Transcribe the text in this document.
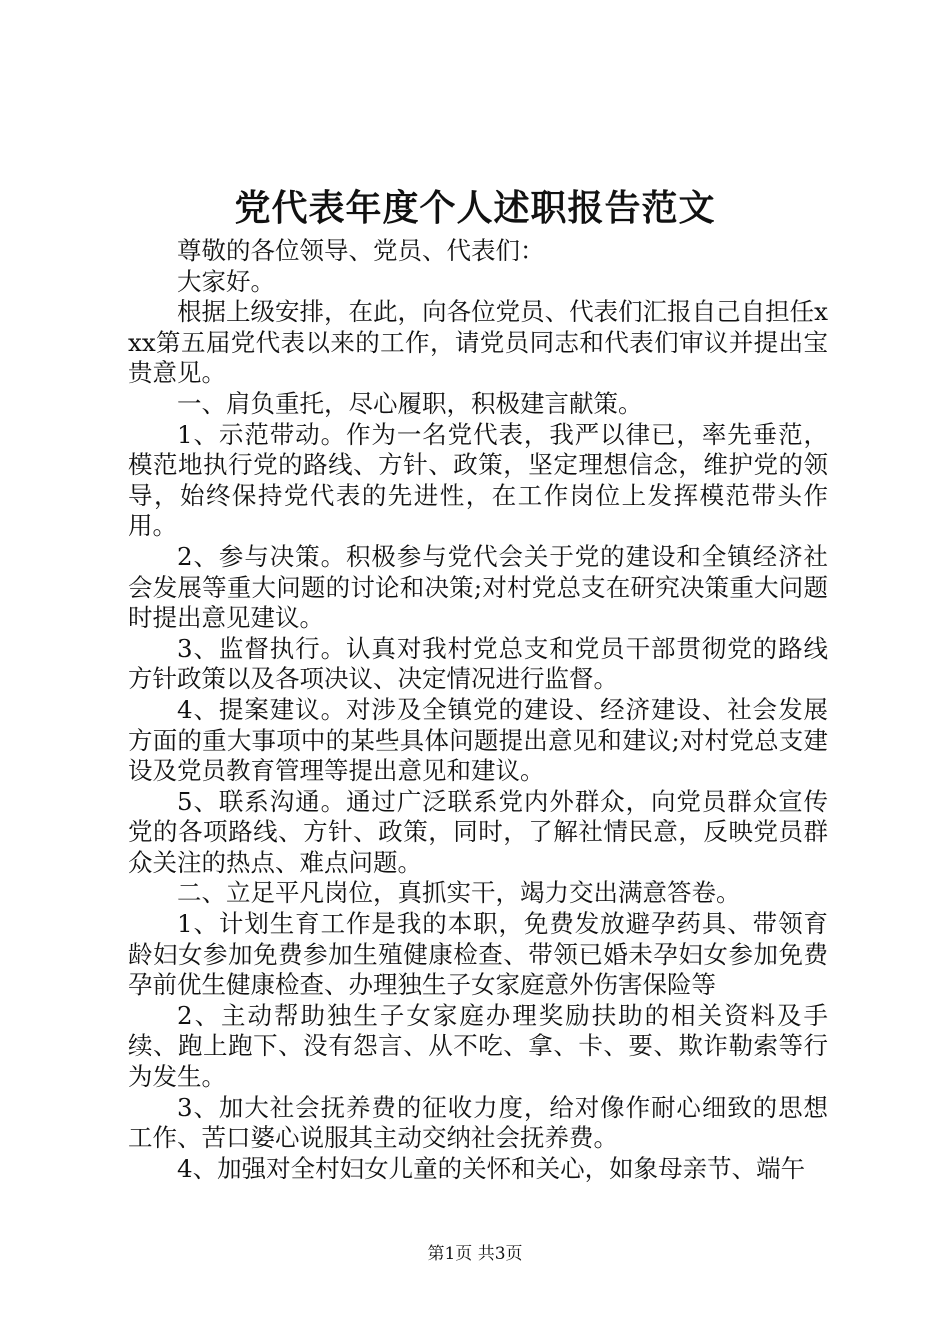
党代表年度个人述职报告范文

尊敬的各位领导、党员、代表们：

大家好。

根据上级安排，在此，向各位党员、代表们汇报自己自担任xxx第五届党代表以来的工作，请党员同志和代表们审议并提出宝贵意见。

一、肩负重托，尽心履职，积极建言献策。

1、示范带动。作为一名党代表，我严以律已，率先垂范，模范地执行党的路线、方针、政策，坚定理想信念，维护党的领导，始终保持党代表的先进性，在工作岗位上发挥模范带头作用。

2、参与决策。积极参与党代会关于党的建设和全镇经济社会发展等重大问题的讨论和决策;对村党总支在研究决策重大问题时提出意见建议。

3、监督执行。认真对我村党总支和党员干部贯彻党的路线方针政策以及各项决议、决定情况进行监督。

4、提案建议。对涉及全镇党的建设、经济建设、社会发展方面的重大事项中的某些具体问题提出意见和建议;对村党总支建设及党员教育管理等提出意见和建议。

5、联系沟通。通过广泛联系党内外群众，向党员群众宣传党的各项路线、方针、政策，同时，了解社情民意，反映党员群众关注的热点、难点问题。

二、立足平凡岗位，真抓实干，竭力交出满意答卷。

1、计划生育工作是我的本职，免费发放避孕药具、带领育龄妇女参加免费参加生殖健康检查、带领已婚未孕妇女参加免费孕前优生健康检查、办理独生子女家庭意外伤害保险等

2、主动帮助独生子女家庭办理奖励扶助的相关资料及手续、跑上跑下、没有怨言、从不吃、拿、卡、要、欺诈勒索等行为发生。

3、加大社会抚养费的征收力度，给对像作耐心细致的思想工作、苦口婆心说服其主动交纳社会抚养费。

4、加强对全村妇女儿童的关怀和关心，如象母亲节、端午

第1页 共3页
